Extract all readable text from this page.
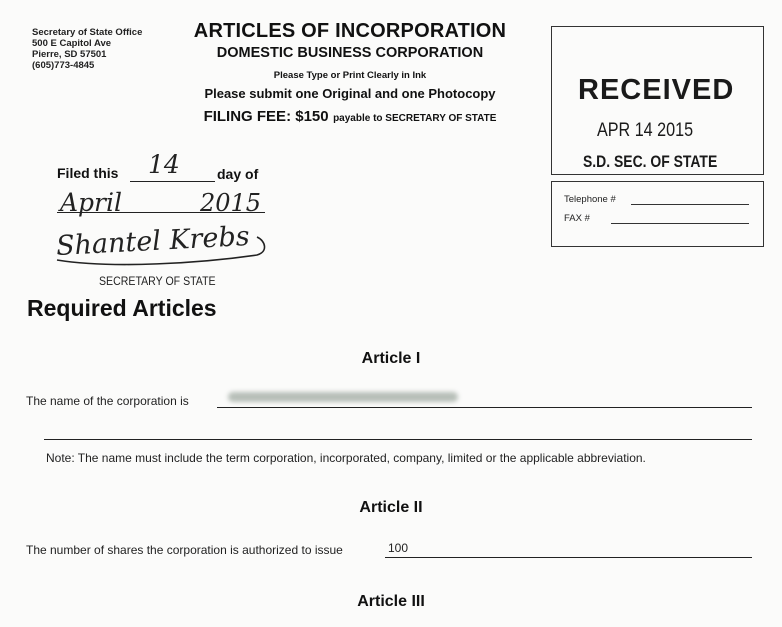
Secretary of State Office
500 E Capitol Ave
Pierre, SD 57501
(605)773-4845
ARTICLES OF INCORPORATION
DOMESTIC BUSINESS CORPORATION
Please Type or Print Clearly in Ink
Please submit one Original and one Photocopy
FILING FEE: $150 payable to SECRETARY OF STATE
RECEIVED
APR 14 2015
S.D. SEC. OF STATE
Telephone #
FAX #
Filed this 14	day of
April	2015
Shantel Krebs
SECRETARY OF STATE
Required Articles
Article I
The name of the corporation is
Note: The name must include the term corporation, incorporated, company, limited or the applicable abbreviation.
Article II
The number of shares the corporation is authorized to issue	100
Article III
